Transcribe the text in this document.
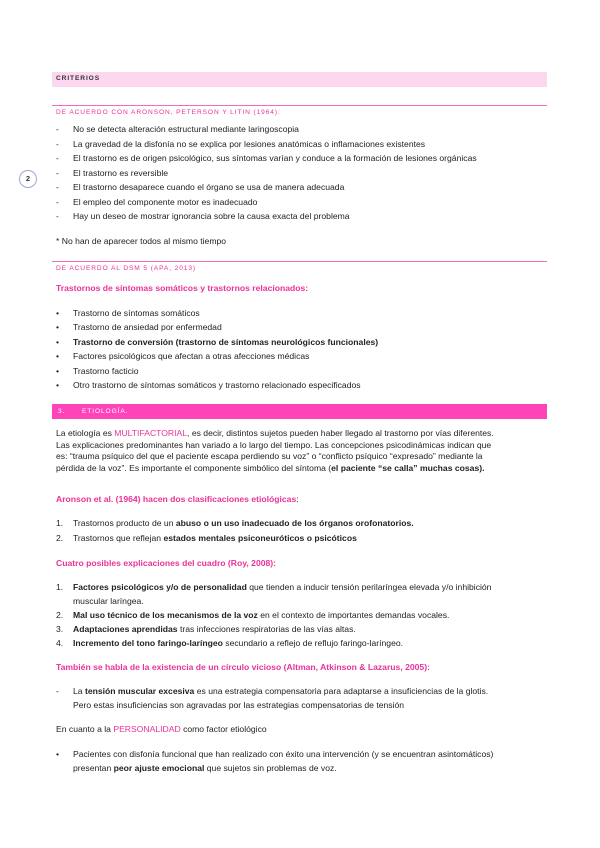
2
CRITERIOS
DE ACUERDO CON ARONSON, PETERSON Y LITIN (1964):
- No se detecta alteración estructural mediante laringoscopia
- La gravedad de la disfonía no se explica por lesiones anatómicas o inflamaciones existentes
- El trastorno es de origen psicológico, sus síntomas varían y conduce a la formación de lesiones orgánicas
- El trastorno es reversible
- El trastorno desaparece cuando el órgano se usa de manera adecuada
- El empleo del componente motor es inadecuado
- Hay un deseo de mostrar ignorancia sobre la causa exacta del problema
* No han de aparecer todos al mismo tiempo
DE ACUERDO AL DSM 5 (APA, 2013)
Trastornos de síntomas somáticos y trastornos relacionados:
• Trastorno de síntomas somáticos
• Trastorno de ansiedad por enfermedad
• Trastorno de conversión (trastorno de síntomas neurológicos funcionales)
• Factores psicológicos que afectan a otras afecciones médicas
• Trastorno facticio
• Otro trastorno de síntomas somáticos y trastorno relacionado especificados
3.	ETIOLOGÍA.
La etiología es MULTIFACTORIAL, es decir, distintos sujetos pueden haber llegado al trastorno por vías diferentes.
Las explicaciones predominantes han variado a lo largo del tiempo. Las concepciones psicodinámicas indican que
es: “trauma psíquico del que el paciente escapa perdiendo su voz” o “conflicto psíquico “expresado” mediante la
pérdida de la voz”. Es importante el componente simbólico del síntoma (el paciente “se calla” muchas cosas).
Aronson et al. (1964) hacen dos clasificaciones etiológicas:
1. Trastornos producto de un abuso o un uso inadecuado de los órganos orofonatorios.
2. Trastornos que reflejan estados mentales psiconeuróticos o psicóticos
Cuatro posibles explicaciones del cuadro (Roy, 2008):
1. Factores psicológicos y/o de personalidad que tienden a inducir tensión perilaríngea elevada y/o inhibición
muscular laríngea.
2. Mal uso técnico de los mecanismos de la voz en el contexto de importantes demandas vocales.
3. Adaptaciones aprendidas tras infecciones respiratorias de las vías altas.
4. Incremento del tono faringo-laríngeo secundario a reflejo de reflujo faringo-laríngeo.
También se habla de la existencia de un círculo vicioso (Altman, Atkinson & Lazarus, 2005):
- La tensión muscular excesiva es una estrategia compensatoria para adaptarse a insuficiencias de la glotis.
Pero estas insuficiencias son agravadas por las estrategias compensatorias de tensión
En cuanto a la PERSONALIDAD como factor etiológico
• Pacientes con disfonía funcional que han realizado con éxito una intervención (y se encuentran asintomáticos)
presentan peor ajuste emocional que sujetos sin problemas de voz.
